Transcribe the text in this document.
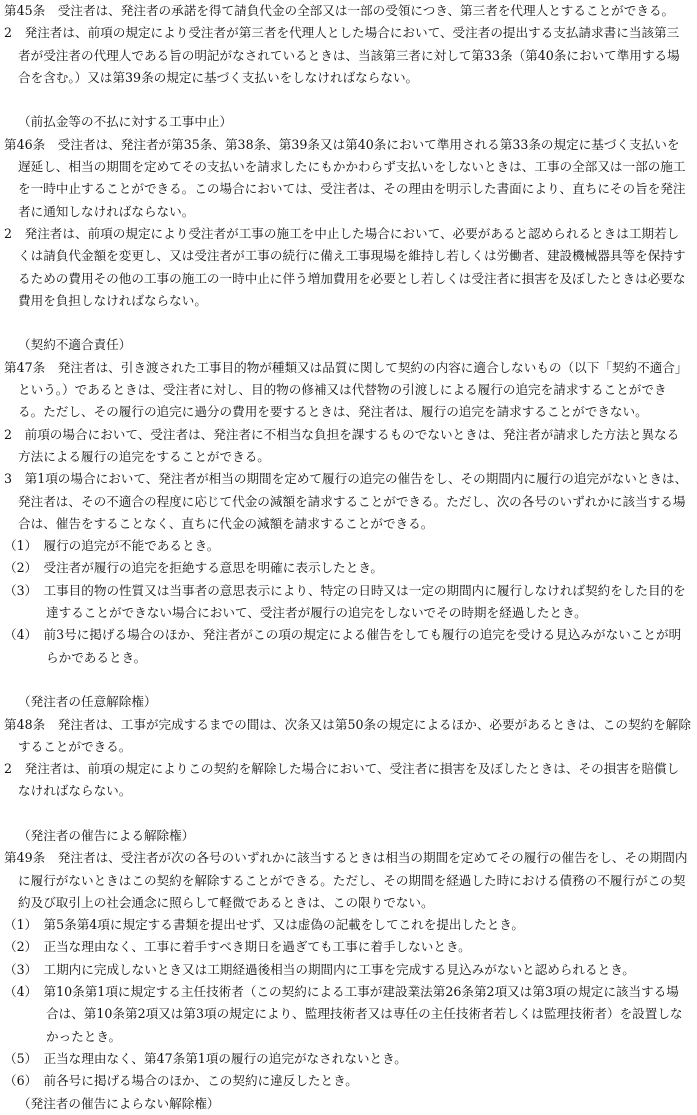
第45条　受注者は、発注者の承諾を得て請負代金の全部又は一部の受領につき、第三者を代理人とすることができる。

2　発注者は、前項の規定により受注者が第三者を代理人とした場合において、受注者の提出する支払請求書に当該第三者が受注者の代理人である旨の明記がなされているときは、当該第三者に対して第33条（第40条において準用する場合を含む。）又は第39条の規定に基づく支払いをしなければならない。

（前払金等の不払に対する工事中止）

第46条　受注者は、発注者が第35条、第38条、第39条又は第40条において準用される第33条の規定に基づく支払いを遅延し、相当の期間を定めてその支払いを請求したにもかかわらず支払いをしないときは、工事の全部又は一部の施工を一時中止することができる。この場合においては、受注者は、その理由を明示した書面により、直ちにその旨を発注者に通知しなければならない。

2　発注者は、前項の規定により受注者が工事の施工を中止した場合において、必要があると認められるときは工期若しくは請負代金額を変更し、又は受注者が工事の続行に備え工事現場を維持し若しくは労働者、建設機械器具等を保持するための費用その他の工事の施工の一時中止に伴う増加費用を必要とし若しくは受注者に損害を及ぼしたときは必要な費用を負担しなければならない。

（契約不適合責任）

第47条　発注者は、引き渡された工事目的物が種類又は品質に関して契約の内容に適合しないもの（以下「契約不適合」という。）であるときは、受注者に対し、目的物の修補又は代替物の引渡しによる履行の追完を請求することができる。ただし、その履行の追完に過分の費用を要するときは、発注者は、履行の追完を請求することができない。

2　前項の場合において、受注者は、発注者に不相当な負担を課するものでないときは、発注者が請求した方法と異なる方法による履行の追完をすることができる。

3　第1項の場合において、発注者が相当の期間を定めて履行の追完の催告をし、その期間内に履行の追完がないときは、発注者は、その不適合の程度に応じて代金の減額を請求することができる。ただし、次の各号のいずれかに該当する場合は、催告をすることなく、直ちに代金の減額を請求することができる。

（1）　履行の追完が不能であるとき。

（2）　受注者が履行の追完を拒絶する意思を明確に表示したとき。

（3）　工事目的物の性質又は当事者の意思表示により、特定の日時又は一定の期間内に履行しなければ契約をした目的を達することができない場合において、受注者が履行の追完をしないでその時期を経過したとき。

（4）　前3号に掲げる場合のほか、発注者がこの項の規定による催告をしても履行の追完を受ける見込みがないことが明らかであるとき。

（発注者の任意解除権）

第48条　発注者は、工事が完成するまでの間は、次条又は第50条の規定によるほか、必要があるときは、この契約を解除することができる。

2　発注者は、前項の規定によりこの契約を解除した場合において、受注者に損害を及ぼしたときは、その損害を賠償しなければならない。

（発注者の催告による解除権）

第49条　発注者は、受注者が次の各号のいずれかに該当するときは相当の期間を定めてその履行の催告をし、その期間内に履行がないときはこの契約を解除することができる。ただし、その期間を経過した時における債務の不履行がこの契約及び取引上の社会通念に照らして軽微であるときは、この限りでない。

（1）　第5条第4項に規定する書類を提出せず、又は虚偽の記載をしてこれを提出したとき。

（2）　正当な理由なく、工事に着手すべき期日を過ぎても工事に着手しないとき。

（3）　工期内に完成しないとき又は工期経過後相当の期間内に工事を完成する見込みがないと認められるとき。

（4）　第10条第1項に規定する主任技術者（この契約による工事が建設業法第26条第2項又は第3項の規定に該当する場合は、第10条第2項又は第3項の規定により、監理技術者又は専任の主任技術者若しくは監理技術者）を設置しなかったとき。

（5）　正当な理由なく、第47条第1項の履行の追完がなされないとき。

（6）　前各号に掲げる場合のほか、この契約に違反したとき。

（発注者の催告によらない解除権）
